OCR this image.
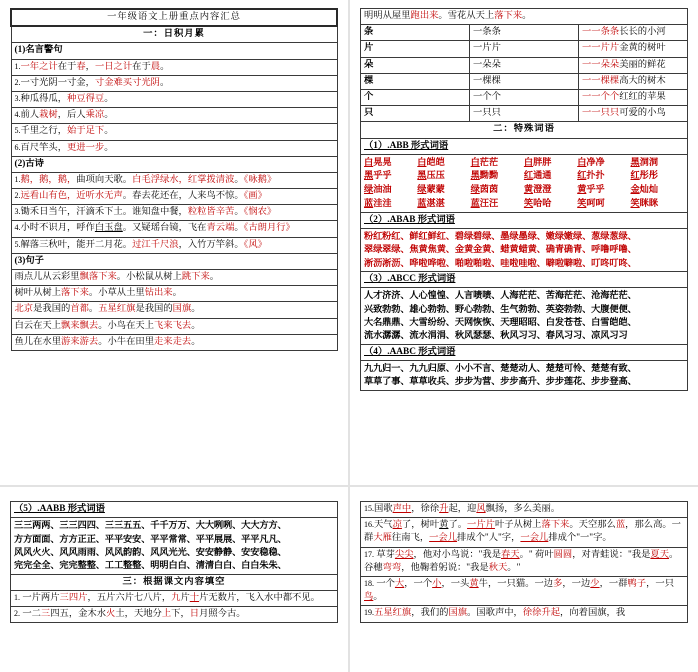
一年级语文上册重点内容汇总
一：日积月累
(1)名言警句
1.一年之计在于春，一日之计在于晨。
2.一寸光阴一寸金，寸金难买寸光阴。
3.种瓜得瓜，种豆得豆。
4.前人栽树，后人乘凉。
5.千里之行，始于足下。
6.百尺竿头，更进一步。
(2)古诗
1.鹅，鹅，鹅，曲项向天歌。白毛浮绿水，红掌拨清波。《咏鹅》
2.远看山有色，近听水无声。春去花还在，人来鸟不惊。《画》
3.锄禾日当午，汗滴禾下土。谁知盘中餐，粒粒皆辛苦。《悯农》
4.小时不识月，呼作白玉盘。又疑瑶台镜，飞在青云端。《古朗月行》
5.解落三秋叶，能开二月花。过江千尺浪，入竹万竿斜。《风》
(3)句子
雨点儿从云彩里飘落下来。小松鼠从树上跳下来。
树叶从树上落下来。小草从土里钻出来。
北京是我国的首都。五星红旗是我国的国旗。
白云在天上飘来飘去。小鸟在天上飞来飞去。
鱼儿在水里游来游去。小牛在田里走来走去。
明明从屋里跑出来。雪花从天上落下来。		
条	一条条	一一条条长长的小河
片	一片片	一一片片金黄的树叶
朵	一朵朵	一一朵朵美丽的鲜花
棵	一棵棵	一一棵棵高大的树木
个	一个个	一一个个红红的苹果
只	一只只	一一只只可爱的小鸟
二：特殊词语		
（1）.ABB 形式词语		

白晃晃	白皑皑	白茫茫	白胖胖	白净净	黑洞洞
黑乎乎	黑压压	黑黝黝	红通通	红扑扑	红彤彤
绿油油	绿蒙蒙	绿茵茵	黄澄澄	黄乎乎	金灿灿
蓝洼洼	蓝湛湛	蓝汪汪	笑哈哈	笑呵呵	笑眯眯

（2）.ABAB 形式词语		

粉红粉红、鲜红鲜红、碧绿碧绿、墨绿墨绿、嫩绿嫩绿、葱绿葱绿、
翠绿翠绿、焦黄焦黄、金黄金黄、蜡黄蜡黄、确青确青、呼噜呼噜、
淅沥淅沥、哗啦哗啦、啪啦啪啦、哇啦哇啦、噼啦噼啦、叮咚叮咚、		

（3）.ABCC 形式词语		

人才济济、人心惶惶、人言啧啧、人海茫茫、苦海茫茫、沧海茫茫、
兴致勃勃、雄心勃勃、野心勃勃、生气勃勃、英姿勃勃、大腹便便、
大名鼎鼎、大雪纷纷、天网恢恢、天理昭昭、白发苍苍、白雪皑皑、
流水潺潺、流水涓涓、秋风瑟瑟、秋风习习、春风习习、凉风习习		

（4）.AABC 形式词语		

九九归一、九九归原、小小不言、楚楚动人、楚楚可怜、楚楚有致、
草草了事、草草收兵、步步为营、步步高升、步步莲花、步步登高、		
（5）.AABB 形式词语

三三两两、三三四四、三三五五、千千万万、大大咧咧、大大方方、
方方面面、方方正正、平平安安、平平常常、平平展展、平平凡凡、
风风火火、风风雨雨、风风韵韵、风风光光、安安静静、安安稳稳、
完完全全、完完整整、工工整整、明明白白、清清白白、白白朱朱、

三：根据课文内容填空
1. 一片两片三四片，五片六片七八片，九片十片无数片，飞入水中都不见。
2. 一二三四五，金木水火土，天地分上下，日月照今古。
15.国歌声中，徐徐升起，迎风飘扬，多么美丽。
16.天气凉了，树叶黄了。一片片叶子从树上落下来。天空那么蓝，那么高。一群大雁往南飞，一会儿排成个"人"字，一会儿排成个"一"字。
17. 草芽尖尖，他对小鸟说："我是春天。" 荷叶圆圆，对青蛙说："我是夏天。 谷穗弯弯，他鞠着躬说："我是秋天。"
18. 一个大，一个小，一头黄牛，一只猫。一边多，一边少，一群鸭子，一只鸟。
19.五星红旗，我们的国旗。国歌声中，徐徐升起，向着国旗，我
